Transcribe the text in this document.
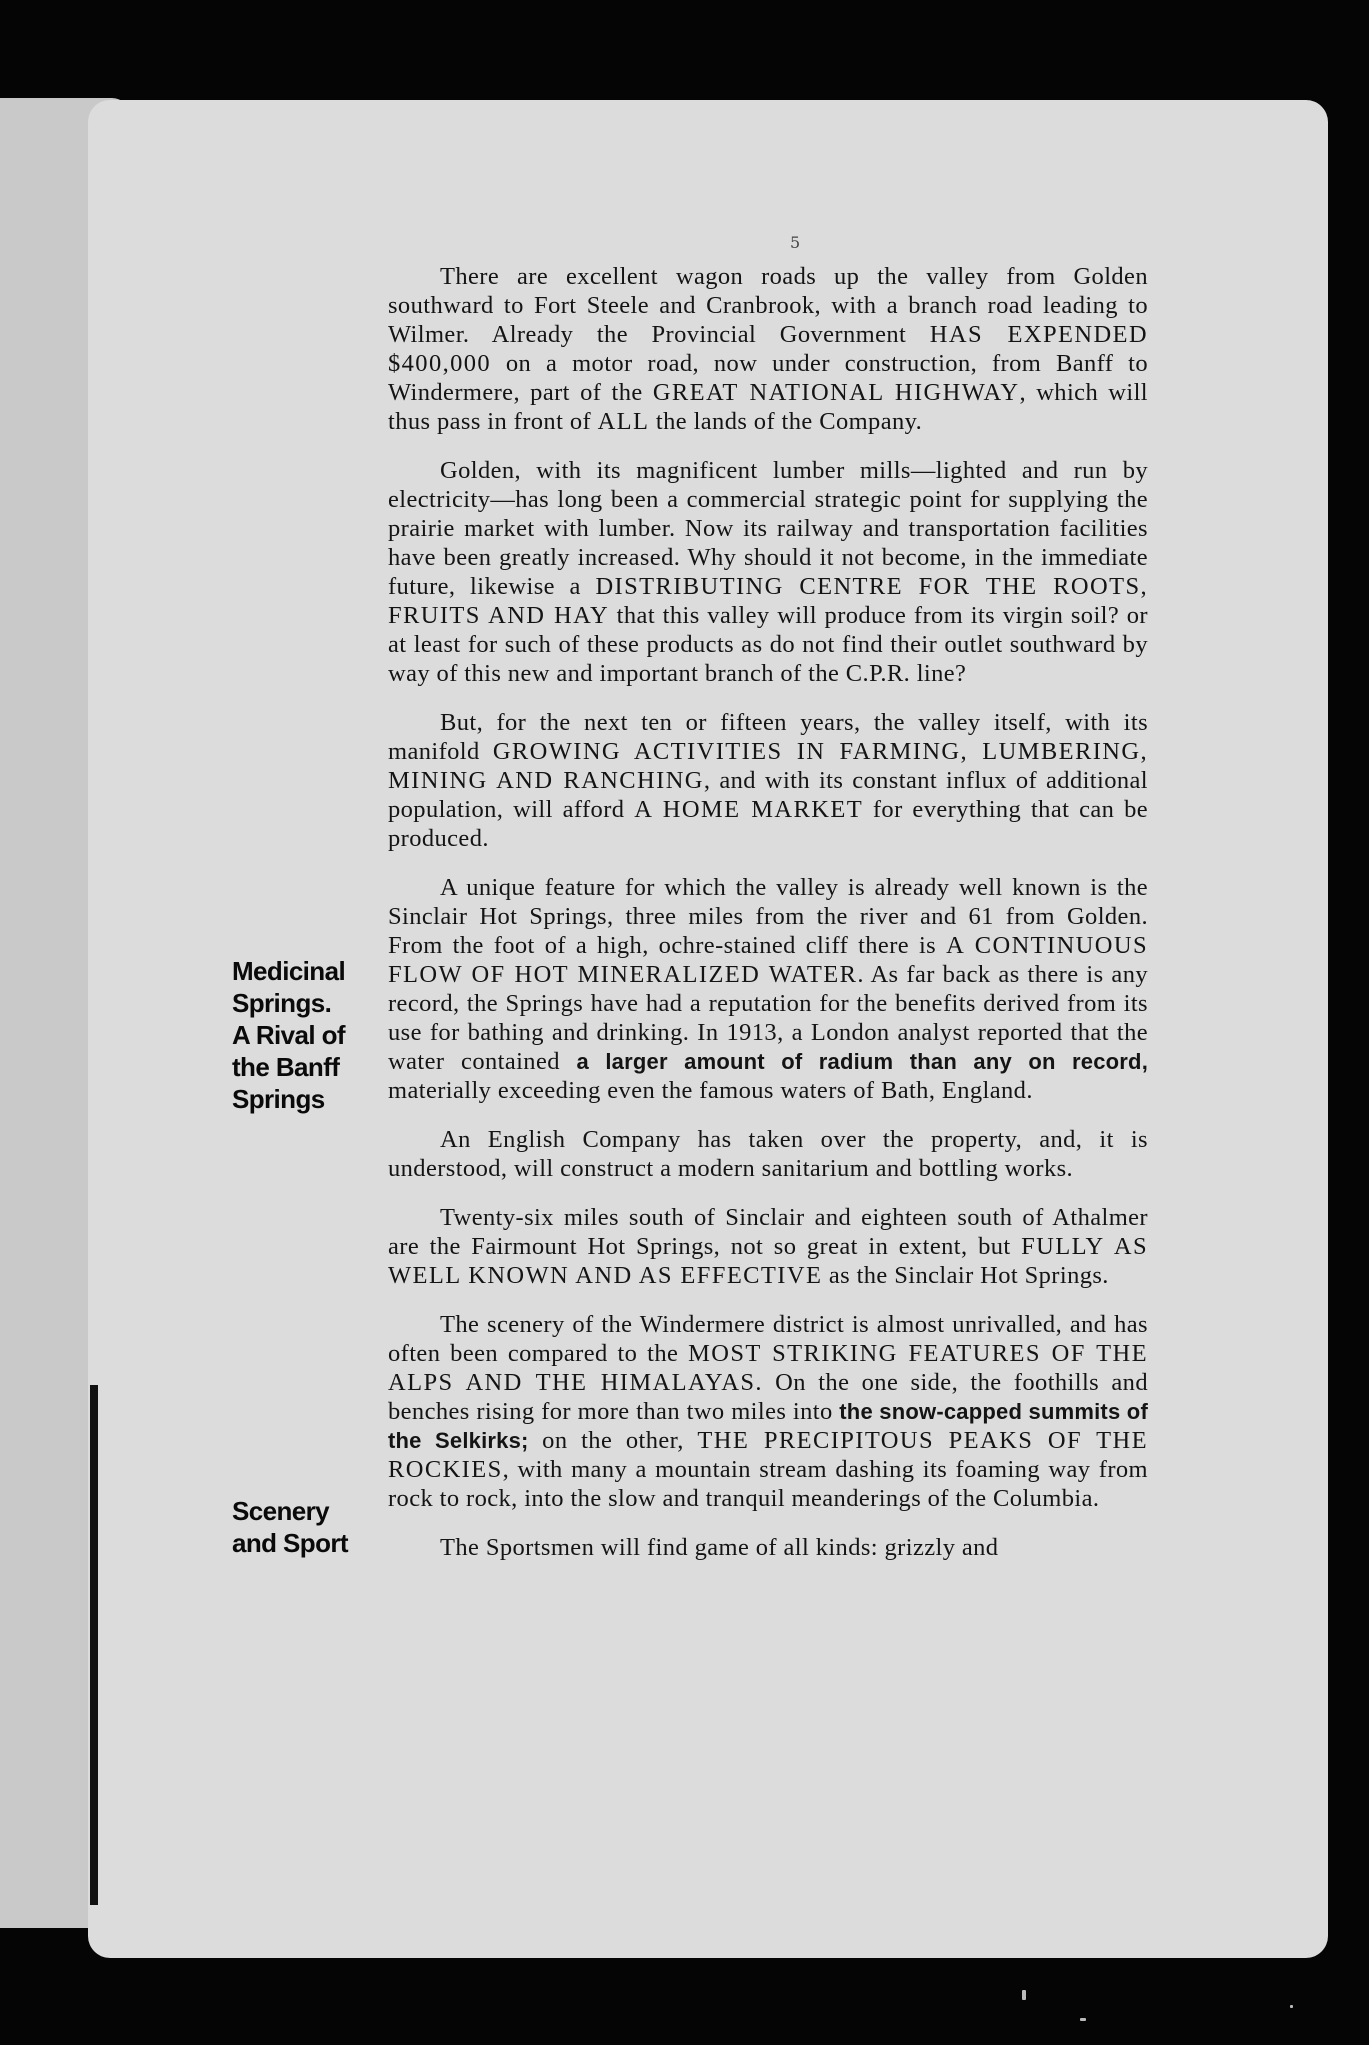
5
Medicinal
Springs.
A Rival of
the Banff
Springs
Scenery
and Sport

There are excellent wagon roads up the valley from Golden southward to Fort Steele and Cranbrook, with a branch road leading to Wilmer. Already the Provincial Government HAS EXPENDED $400,000 on a motor road, now under construction, from Banff to Windermere, part of the GREAT NATIONAL HIGHWAY, which will thus pass in front of ALL the lands of the Company.

Golden, with its magnificent lumber mills—lighted and run by electricity—has long been a commercial strategic point for supplying the prairie market with lumber. Now its railway and transportation facilities have been greatly increased. Why should it not become, in the immediate future, likewise a DISTRIBUTING CENTRE FOR THE ROOTS, FRUITS AND HAY that this valley will produce from its virgin soil? or at least for such of these products as do not find their outlet southward by way of this new and important branch of the C.P.R. line?

But, for the next ten or fifteen years, the valley itself, with its manifold GROWING ACTIVITIES IN FARMING, LUMBERING, MINING AND RANCHING, and with its constant influx of additional population, will afford A HOME MARKET for everything that can be produced.

A unique feature for which the valley is already well known is the Sinclair Hot Springs, three miles from the river and 61 from Golden. From the foot of a high, ochre-stained cliff there is A CONTINUOUS FLOW OF HOT MINERALIZED WATER. As far back as there is any record, the Springs have had a reputation for the benefits derived from its use for bathing and drinking. In 1913, a London analyst reported that the water contained a larger amount of radium than any on record, materially exceeding even the famous waters of Bath, England.

An English Company has taken over the property, and, it is understood, will construct a modern sanitarium and bottling works.

Twenty-six miles south of Sinclair and eighteen south of Athalmer are the Fairmount Hot Springs, not so great in extent, but FULLY AS WELL KNOWN AND AS EFFECTIVE as the Sinclair Hot Springs.

The scenery of the Windermere district is almost unrivalled, and has often been compared to the MOST STRIKING FEATURES OF THE ALPS AND THE HIMALAYAS. On the one side, the foothills and benches rising for more than two miles into the snow-capped summits of the Selkirks; on the other, THE PRECIPITOUS PEAKS OF THE ROCKIES, with many a mountain stream dashing its foaming way from rock to rock, into the slow and tranquil meanderings of the Columbia.

The Sportsmen will find game of all kinds: grizzly and
